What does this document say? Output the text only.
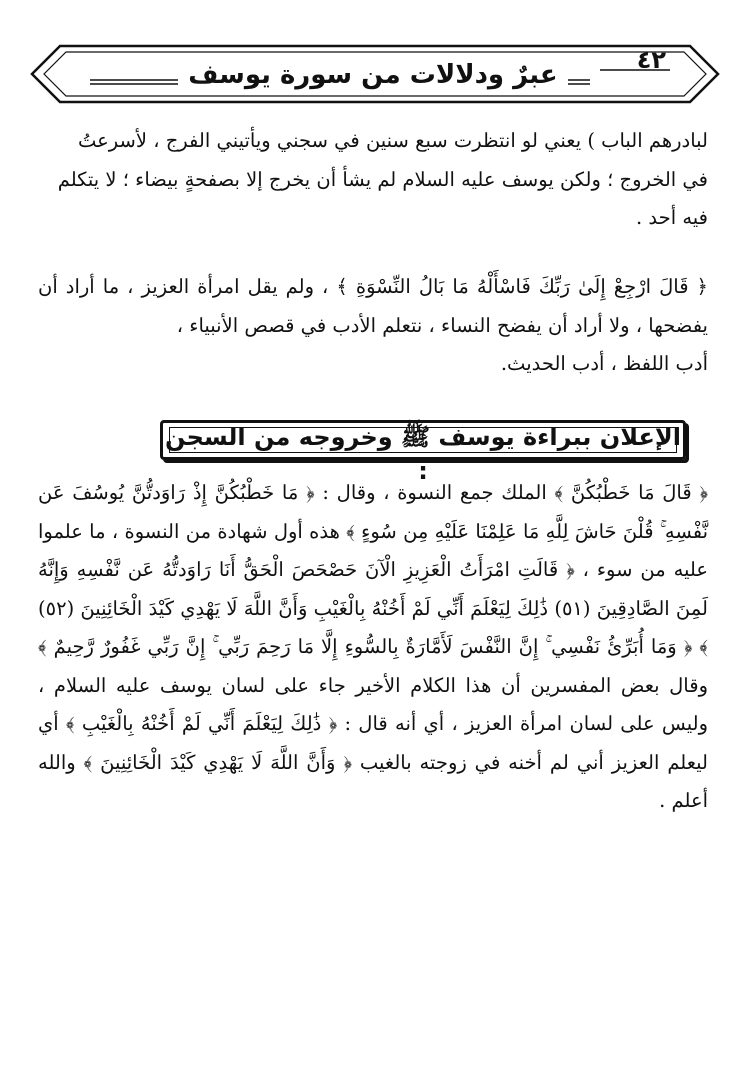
٤٢
عبرٌ ودلالات من سورة يوسف

لبادرهم الباب ) يعني لو انتظرت سبع سنين في سجني ويأتيني الفرج ، لأسرعتُ

في الخروج ؛ ولكن يوسف عليه السلام لم يشأ أن يخرج إلا بصفحةٍ بيضاء ؛ لا يتكلم

فيه أحد .

﴿ قَالَ ارْجِعْ إِلَىٰ رَبِّكَ فَاسْأَلْهُ مَا بَالُ النِّسْوَةِ ﴾ ، ولم يقل امرأة العزيز ، ما أراد أن يفضحها ، ولا أراد أن يفضح النساء ، نتعلم الأدب في قصص الأنبياء ،

أدب اللفظ ، أدب الحديث.

الإعلان ببراءة يوسف ﷺ وخروجه من السجن :

﴿ قَالَ مَا خَطْبُكُنَّ ﴾ الملك جمع النسوة ، وقال : ﴿ مَا خَطْبُكُنَّ إِذْ رَاوَدتُّنَّ يُوسُفَ عَن نَّفْسِهِ ۚ قُلْنَ حَاشَ لِلَّهِ مَا عَلِمْنَا عَلَيْهِ مِن سُوءٍ ﴾ هذه أول شهادة من النسوة ، ما علموا عليه من سوء ، ﴿ قَالَتِ امْرَأَتُ الْعَزِيزِ الْآنَ حَصْحَصَ الْحَقُّ أَنَا رَاوَدتُّهُ عَن نَّفْسِهِ وَإِنَّهُ لَمِنَ الصَّادِقِينَ (٥١) ذَٰلِكَ لِيَعْلَمَ أَنِّي لَمْ أَخُنْهُ بِالْغَيْبِ وَأَنَّ اللَّهَ لَا يَهْدِي كَيْدَ الْخَائِنِينَ (٥٢) ﴾ ﴿ وَمَا أُبَرِّئُ نَفْسِي ۚ إِنَّ النَّفْسَ لَأَمَّارَةٌ بِالسُّوءِ إِلَّا مَا رَحِمَ رَبِّي ۚ إِنَّ رَبِّي غَفُورٌ رَّحِيمٌ ﴾ وقال بعض المفسرين أن هذا الكلام الأخير جاء على لسان يوسف عليه السلام ، وليس على لسان امرأة العزيز ، أي أنه قال : ﴿ ذَٰلِكَ لِيَعْلَمَ أَنِّي لَمْ أَخُنْهُ بِالْغَيْبِ ﴾ أي ليعلم العزيز أني لم أخنه في زوجته بالغيب ﴿ وَأَنَّ اللَّهَ لَا يَهْدِي كَيْدَ الْخَائِنِينَ ﴾ والله أعلم .
